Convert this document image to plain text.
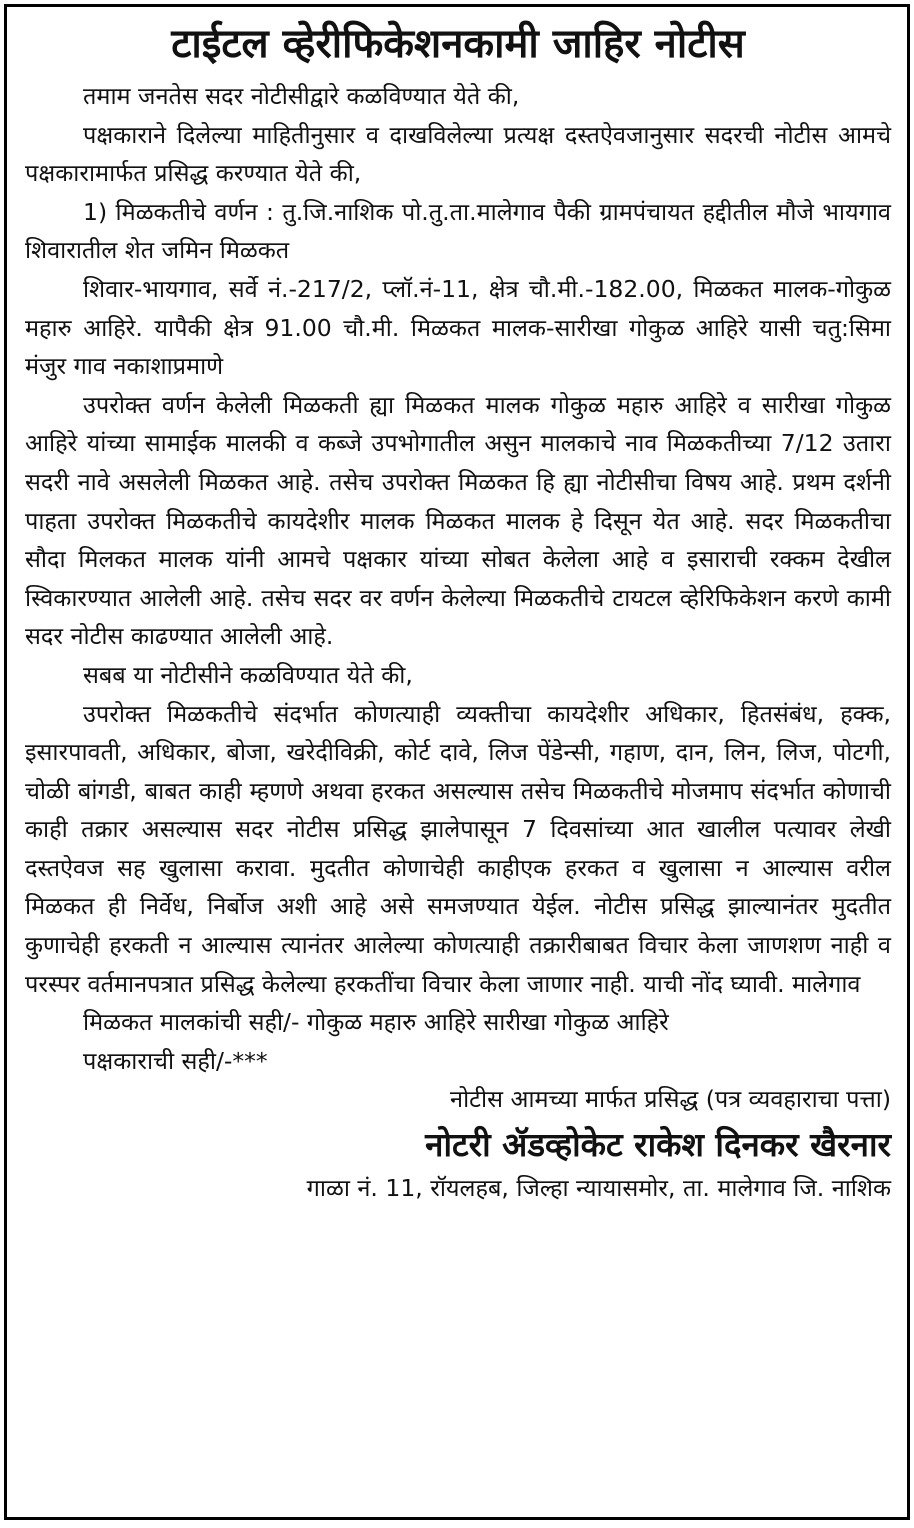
टाईटल व्हेरीफिकेशनकामी जाहिर नोटीस

तमाम जनतेस सदर नोटीसीद्वारे कळविण्यात येते की,

पक्षकाराने दिलेल्या माहितीनुसार व दाखविलेल्या प्रत्यक्ष दस्तऐवजानुसार सदरची नोटीस आमचे पक्षकारामार्फत प्रसिद्ध करण्यात येते की,

1) मिळकतीचे वर्णन : तु.जि.नाशिक पो.तु.ता.मालेगाव पैकी ग्रामपंचायत हद्दीतील मौजे भायगाव शिवारातील शेत जमिन मिळकत

शिवार-भायगाव, सर्वे नं.-217/2, प्लॉ.नं-11, क्षेत्र चौ.मी.-182.00, मिळकत मालक-गोकुळ महारु आहिरे. यापैकी क्षेत्र 91.00 चौ.मी. मिळकत मालक-सारीखा गोकुळ आहिरे यासी चतु:सिमा मंजुर गाव नकाशाप्रमाणे

उपरोक्त वर्णन केलेली मिळकती ह्या मिळकत मालक गोकुळ महारु आहिरे व सारीखा गोकुळ आहिरे यांच्या सामाईक मालकी व कब्जे उपभोगातील असुन मालकाचे नाव मिळकतीच्या 7/12 उतारा सदरी नावे असलेली मिळकत आहे. तसेच उपरोक्त मिळकत हि ह्या नोटीसीचा विषय आहे. प्रथम दर्शनी पाहता उपरोक्त मिळकतीचे कायदेशीर मालक मिळकत मालक हे दिसून येत आहे. सदर मिळकतीचा सौदा मिलकत मालक यांनी आमचे पक्षकार यांच्या सोबत केलेला आहे व इसाराची रक्कम देखील स्विकारण्यात आलेली आहे. तसेच सदर वर वर्णन केलेल्या मिळकतीचे टायटल व्हेरिफिकेशन करणे कामी सदर नोटीस काढण्यात आलेली आहे.

सबब या नोटीसीने कळविण्यात येते की,

उपरोक्त मिळकतीचे संदर्भात कोणत्याही व्यक्तीचा कायदेशीर अधिकार, हितसंबंध, हक्क, इसारपावती, अधिकार, बोजा, खरेदीविक्री, कोर्ट दावे, लिज पेंडेन्सी, गहाण, दान, लिन, लिज, पोटगी, चोळी बांगडी, बाबत काही म्हणणे अथवा हरकत असल्यास तसेच मिळकतीचे मोजमाप संदर्भात कोणाची काही तक्रार असल्यास सदर नोटीस प्रसिद्ध झालेपासून 7 दिवसांच्या आत खालील पत्यावर लेखी दस्तऐवज सह खुलासा करावा. मुदतीत कोणाचेही काहीएक हरकत व खुलासा न आल्यास वरील मिळकत ही निर्वेध, निर्बोज अशी आहे असे समजण्यात येईल. नोटीस प्रसिद्ध झाल्यानंतर मुदतीत कुणाचेही हरकती न आल्यास त्यानंतर आलेल्या कोणत्याही तक्रारीबाबत विचार केला जाणशण नाही व परस्पर वर्तमानपत्रात प्रसिद्ध केलेल्या हरकतींचा विचार केला जाणार नाही. याची नोंद घ्यावी. मालेगाव

मिळकत मालकांची सही/- गोकुळ महारु आहिरे सारीखा गोकुळ आहिरे

पक्षकाराची सही/-***

नोटीस आमच्या मार्फत प्रसिद्ध (पत्र व्यवहाराचा पत्ता)

नोटरी ॲडव्होकेट राकेश दिनकर खैरनार
गाळा नं. 11, रॉयलहब, जिल्हा न्यायासमोर, ता. मालेगाव जि. नाशिक
